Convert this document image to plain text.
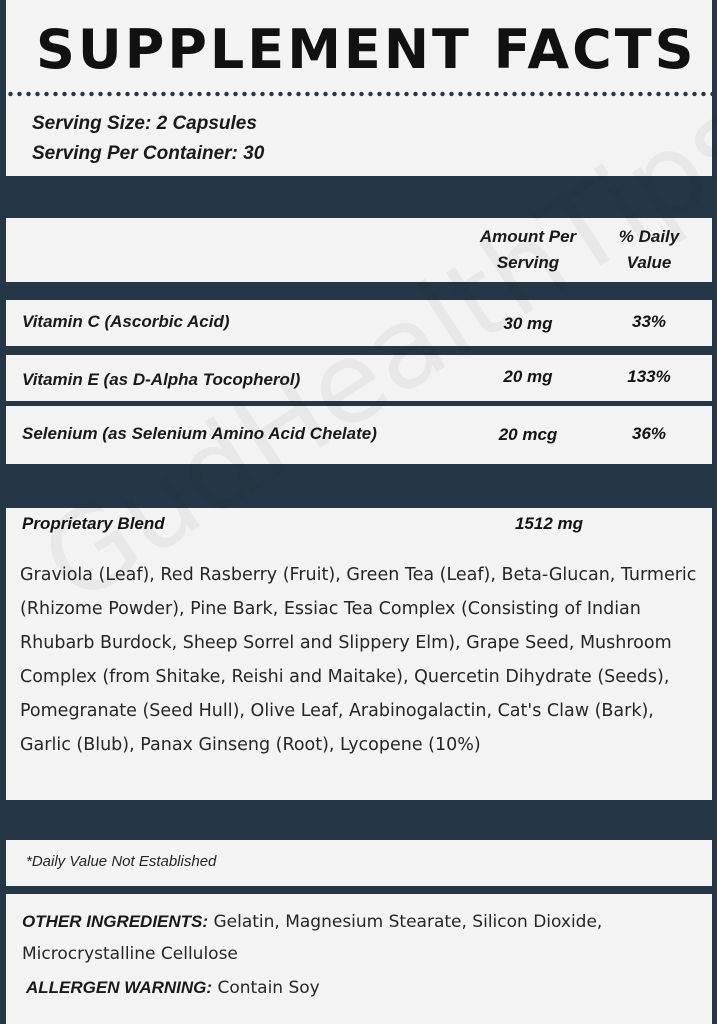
SUPPLEMENT FACTS
Serving Size: 2 Capsules
Serving Per Container: 30
Amount Per
Serving
% Daily
Value
Vitamin C (Ascorbic Acid)	30 mg	33%
Vitamin E (as D-Alpha Tocopherol)	20 mg	133%
Selenium (as Selenium Amino Acid Chelate)	20 mcg	36%
Proprietary Blend	1512 mg

Graviola (Leaf), Red Rasberry (Fruit), Green Tea (Leaf), Beta-Glucan, Turmeric (Rhizome Powder), Pine Bark, Essiac Tea Complex (Consisting of Indian Rhubarb Burdock, Sheep Sorrel and Slippery Elm), Grape Seed, Mushroom Complex (from Shitake, Reishi and Maitake), Quercetin Dihydrate (Seeds), Pomegranate (Seed Hull), Olive Leaf, Arabinogalactin, Cat's Claw (Bark), Garlic (Blub), Panax Ginseng (Root), Lycopene (10%)

*Daily Value Not Established

OTHER INGREDIENTS: Gelatin, Magnesium Stearate, Silicon Dioxide, Microcrystalline Cellulose

ALLERGEN WARNING: Contain Soy
